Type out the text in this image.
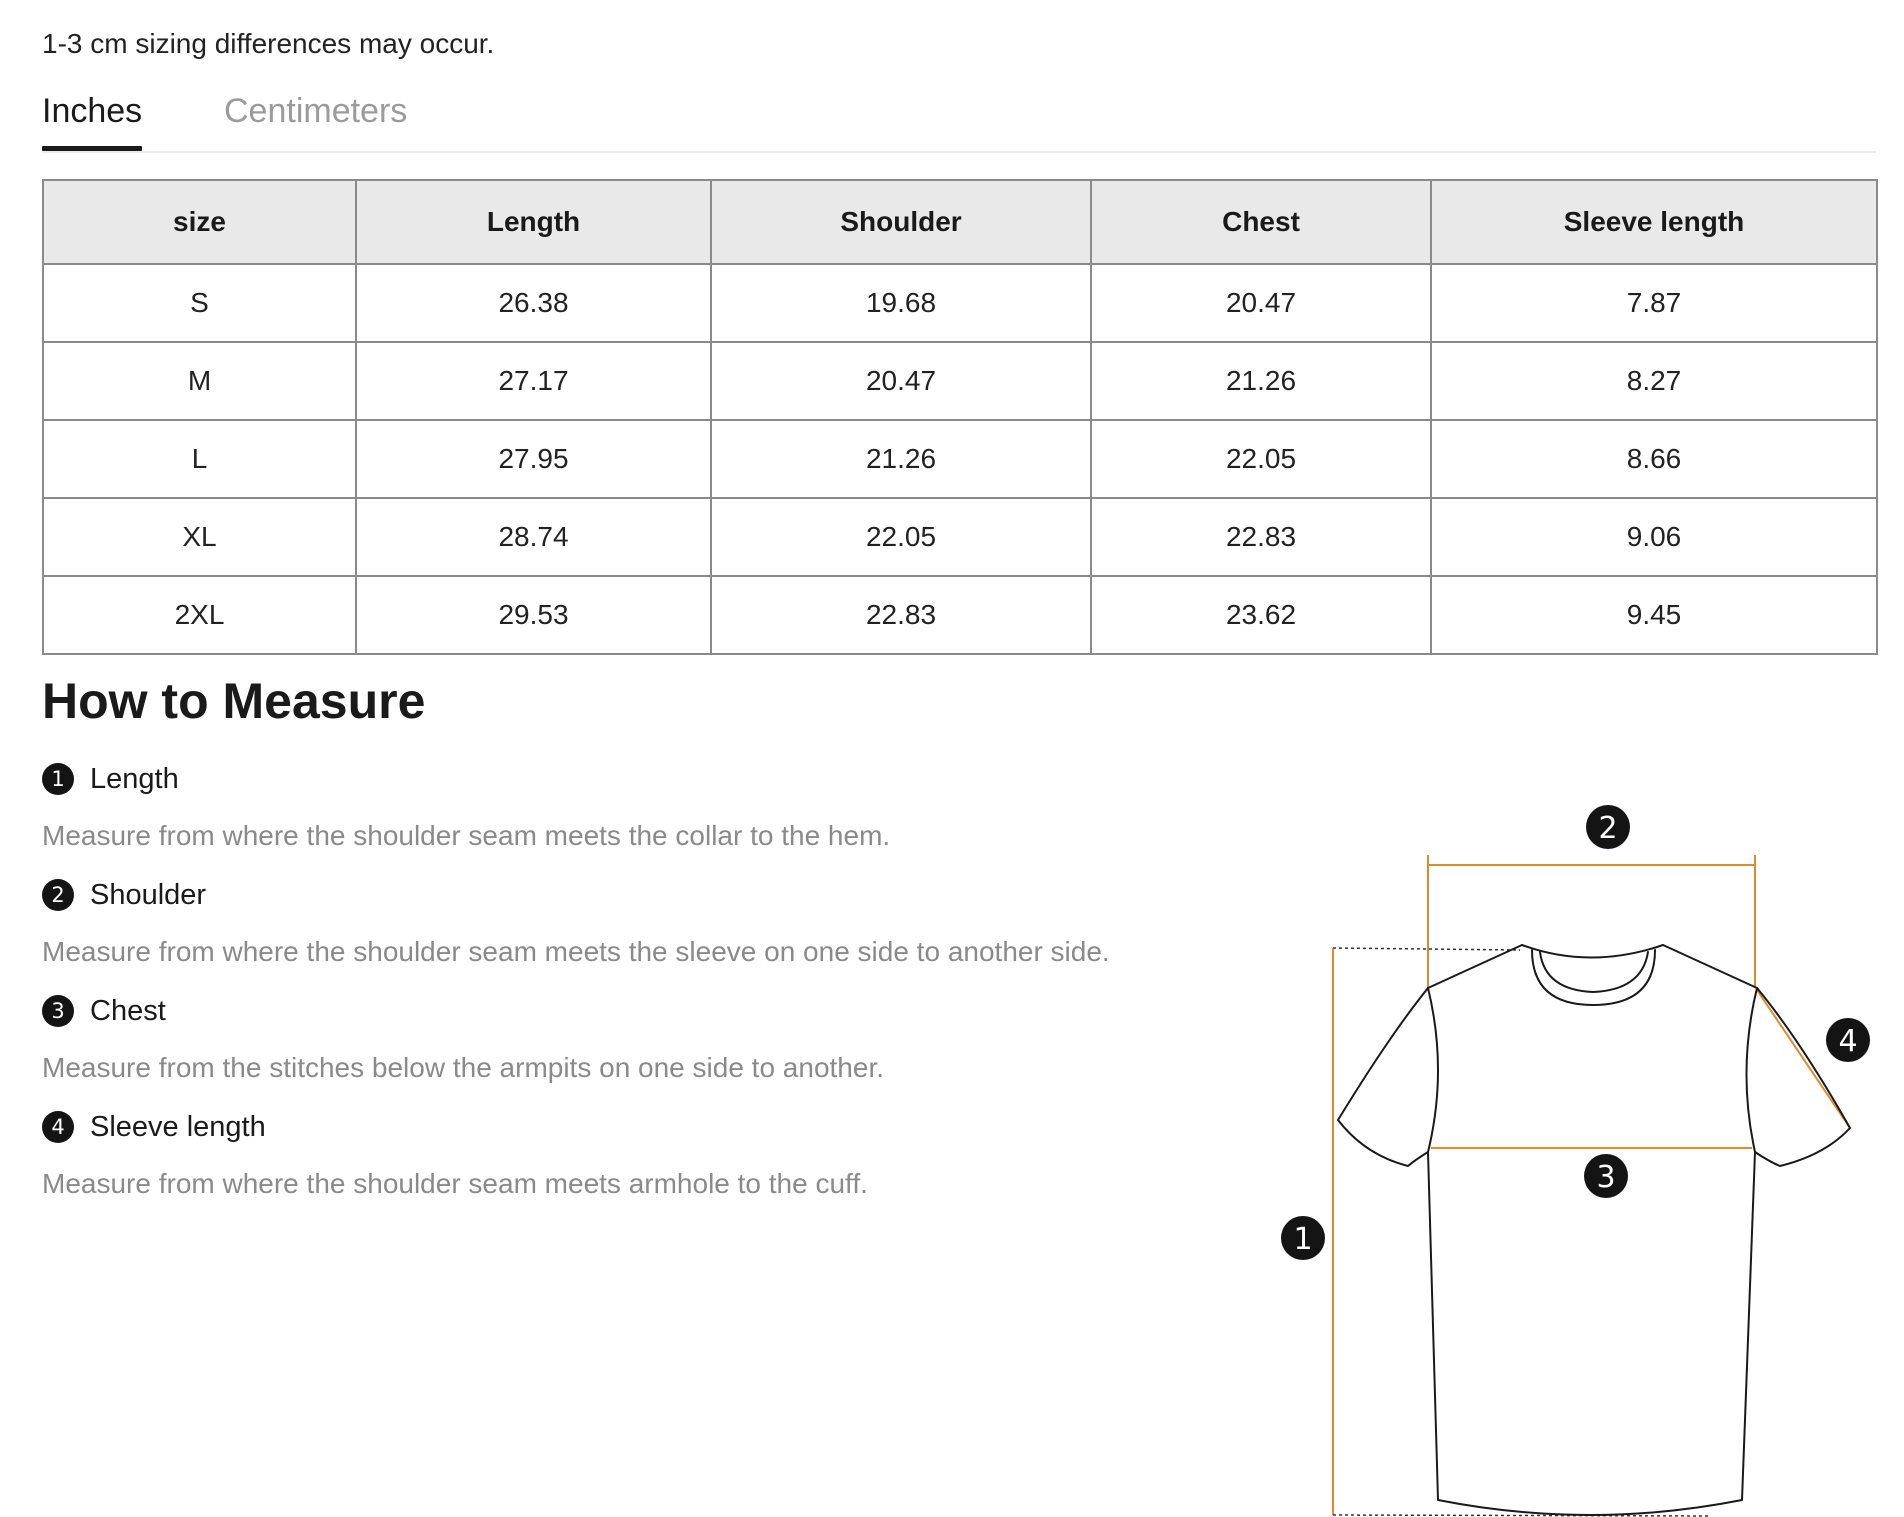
1-3 cm sizing differences may occur.
Inches Centimeters
size	Length	Shoulder	Chest	Sleeve length
S	26.38	19.68	20.47	7.87
M	27.17	20.47	21.26	8.27
L	27.95	21.26	22.05	8.66
XL	28.74	22.05	22.83	9.06
2XL	29.53	22.83	23.62	9.45
How to Measure
1 Length
Measure from where the shoulder seam meets the collar to the hem.
2 Shoulder
Measure from where the shoulder seam meets the sleeve on one side to another side.
3 Chest
Measure from the stitches below the armpits on one side to another.
4 Sleeve length
Measure from where the shoulder seam meets armhole to the cuff.
1
2
3
4
